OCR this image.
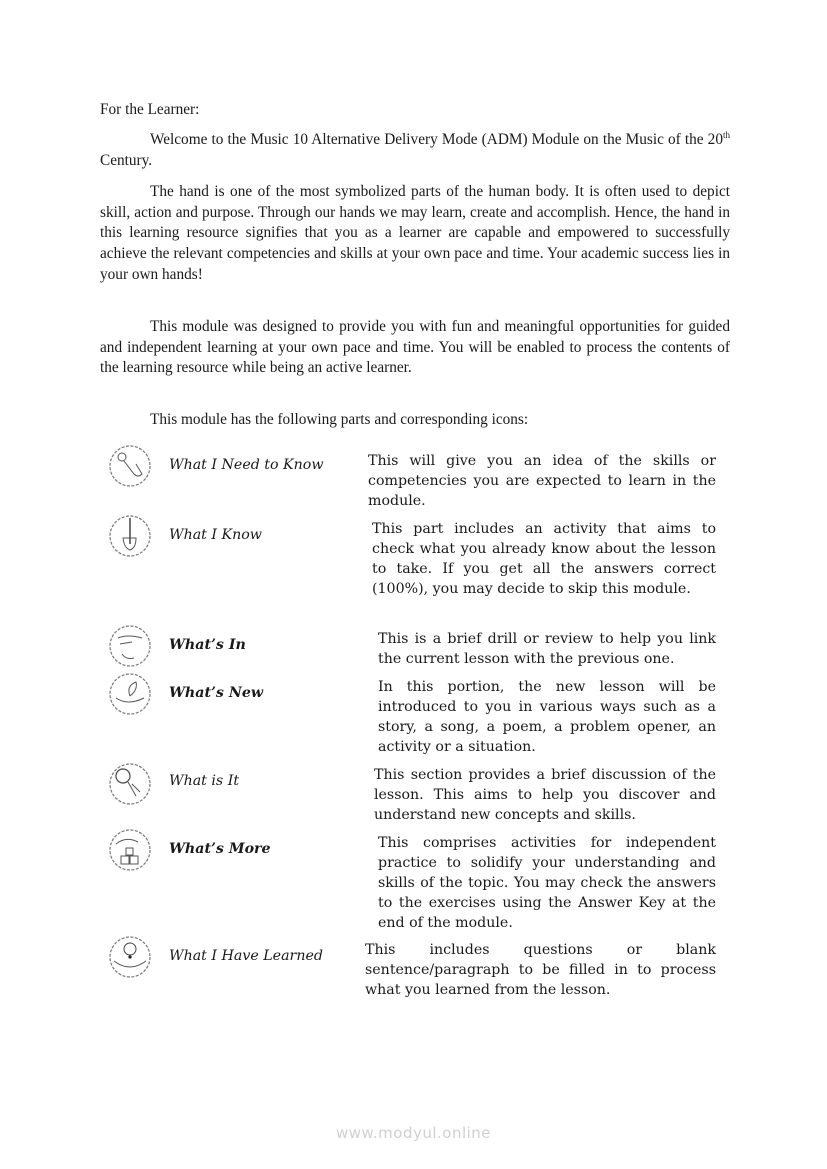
For the Learner:

Welcome to the Music 10 Alternative Delivery Mode (ADM) Module on the Music of the 20th Century.

The hand is one of the most symbolized parts of the human body. It is often used to depict skill, action and purpose. Through our hands we may learn, create and accomplish. Hence, the hand in this learning resource signifies that you as a learner are capable and empowered to successfully achieve the relevant competencies and skills at your own pace and time. Your academic success lies in your own hands!

This module was designed to provide you with fun and meaningful opportunities for guided and independent learning at your own pace and time. You will be enabled to process the contents of the learning resource while being an active learner.

This module has the following parts and corresponding icons:

What I Need to Know	This will give you an idea of the skills or competencies you are expected to learn in the module.
What I Know	This part includes an activity that aims to check what you already know about the lesson to take. If you get all the answers correct (100%), you may decide to skip this module.
What’s In	This is a brief drill or review to help you link the current lesson with the previous one.
What’s New	In this portion, the new lesson will be introduced to you in various ways such as a story, a song, a poem, a problem opener, an activity or a situation.
What is It	This section provides a brief discussion of the lesson. This aims to help you discover and understand new concepts and skills.
What’s More	This comprises activities for independent practice to solidify your understanding and skills of the topic. You may check the answers to the exercises using the Answer Key at the end of the module.
What I Have Learned	This includes questions or blank sentence/paragraph to be filled in to process what you learned from the lesson.
www.modyul.online
